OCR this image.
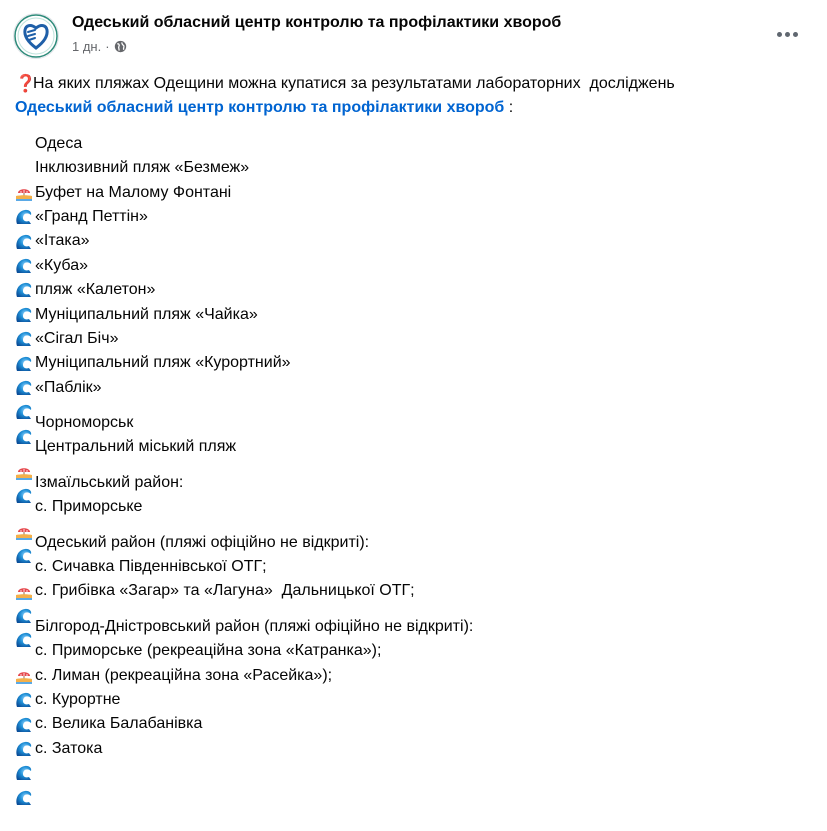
Одеський обласний центр контролю та профілактики хвороб
1 дн. ·
❓
На яких пляжах Одещини можна купатися за результатами лабораторних  досліджень
Одеський обласний центр контролю та профілактики хвороб :

Одеса

Інклюзивний пляж «Безмеж»

Буфет на Малому Фонтані

«Гранд Петтін»

«Ітака»

«Куба»

пляж «Калетон»

Муніципальний пляж «Чайка»

«Сігал Біч»

Муніципальний пляж «Курортний»

«Паблік»

Чорноморськ

Центральний міський пляж

Ізмаїльський район:

с. Приморське

Одеський район (пляжі офіційно не відкриті):

с. Сичавка Південнівської ОТГ;

с. Грибівка «Загар» та «Лагуна»  Дальницької ОТГ;

Білгород-Дністровський район (пляжі офіційно не відкриті):

с. Приморське (рекреаційна зона «Катранка»);

с. Лиман (рекреаційна зона «Расейка»);

с. Курортне

с. Велика Балабанівка

с. Затока
